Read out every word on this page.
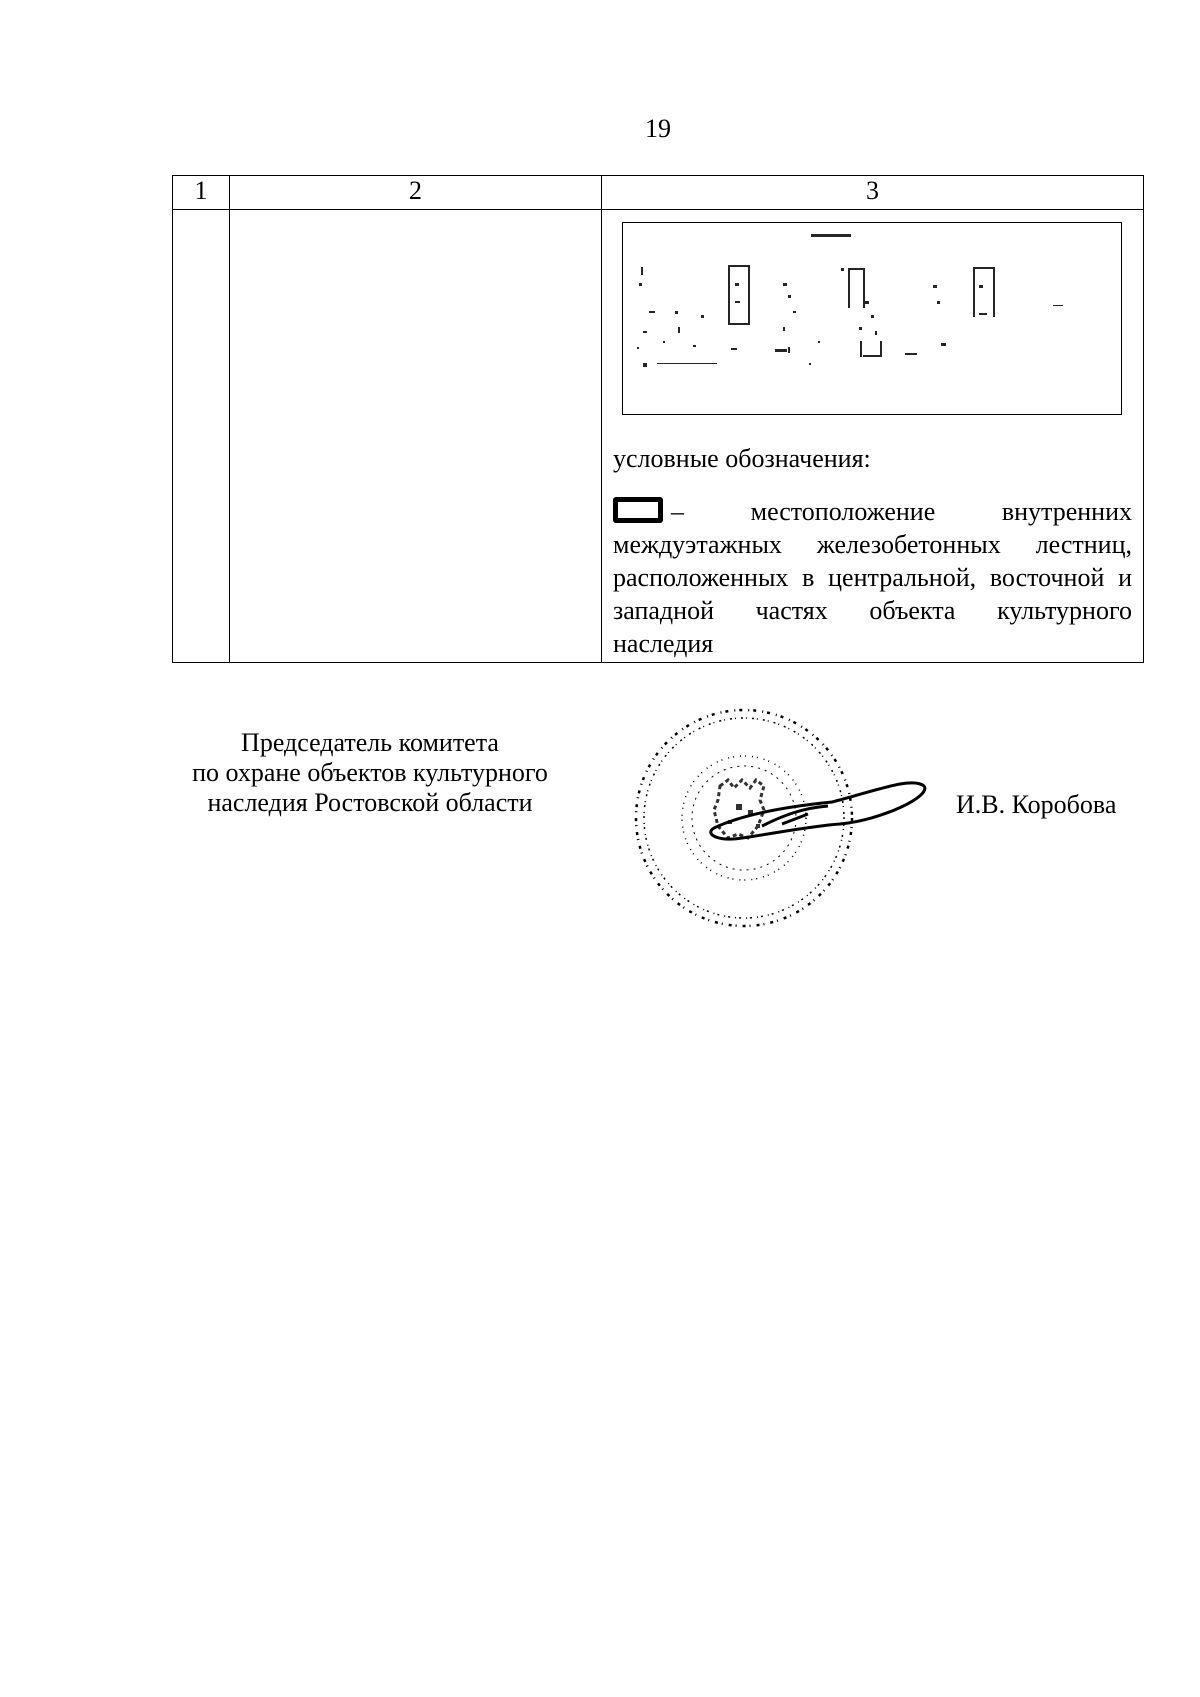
19
1	2	3

		условные обозначения:
– местоположение внутренних междуэтажных железобетонных лестниц, расположенных в центральной, восточной и западной частях объекта культурного наследия
Председатель комитета
по охране объектов культурного
наследия Ростовской области	И.В. Коробова
